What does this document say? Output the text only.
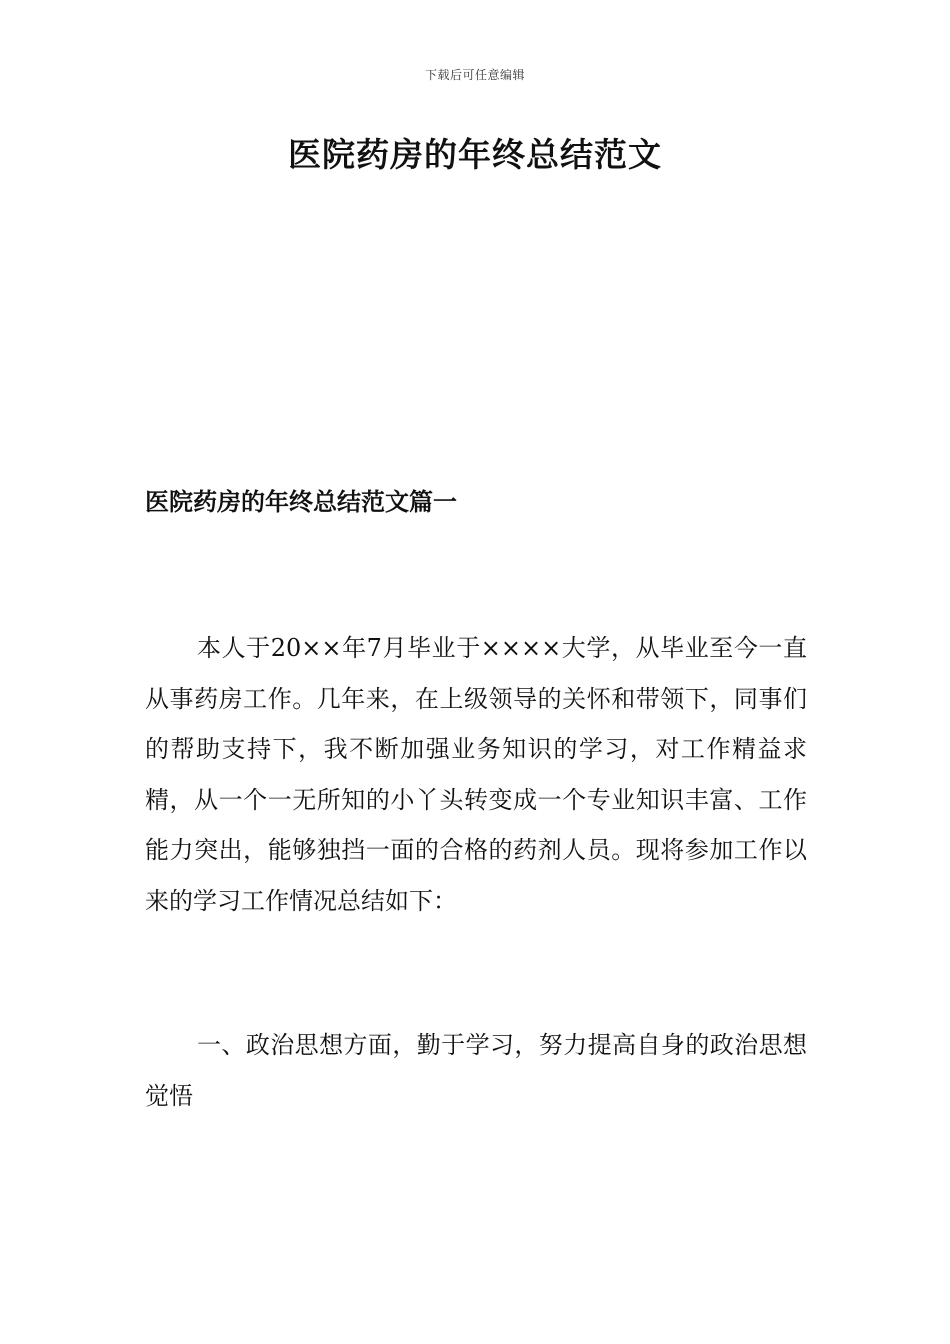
下载后可任意编辑
医院药房的年终总结范文
医院药房的年终总结范文篇一

本人于20××年7月毕业于××××大学，从毕业至今一直从事药房工作。几年来，在上级领导的关怀和带领下，同事们的帮助支持下，我不断加强业务知识的学习，对工作精益求精，从一个一无所知的小丫头转变成一个专业知识丰富、工作能力突出，能够独挡一面的合格的药剂人员。现将参加工作以来的学习工作情况总结如下：

一、政治思想方面，勤于学习，努力提高自身的政治思想觉悟
